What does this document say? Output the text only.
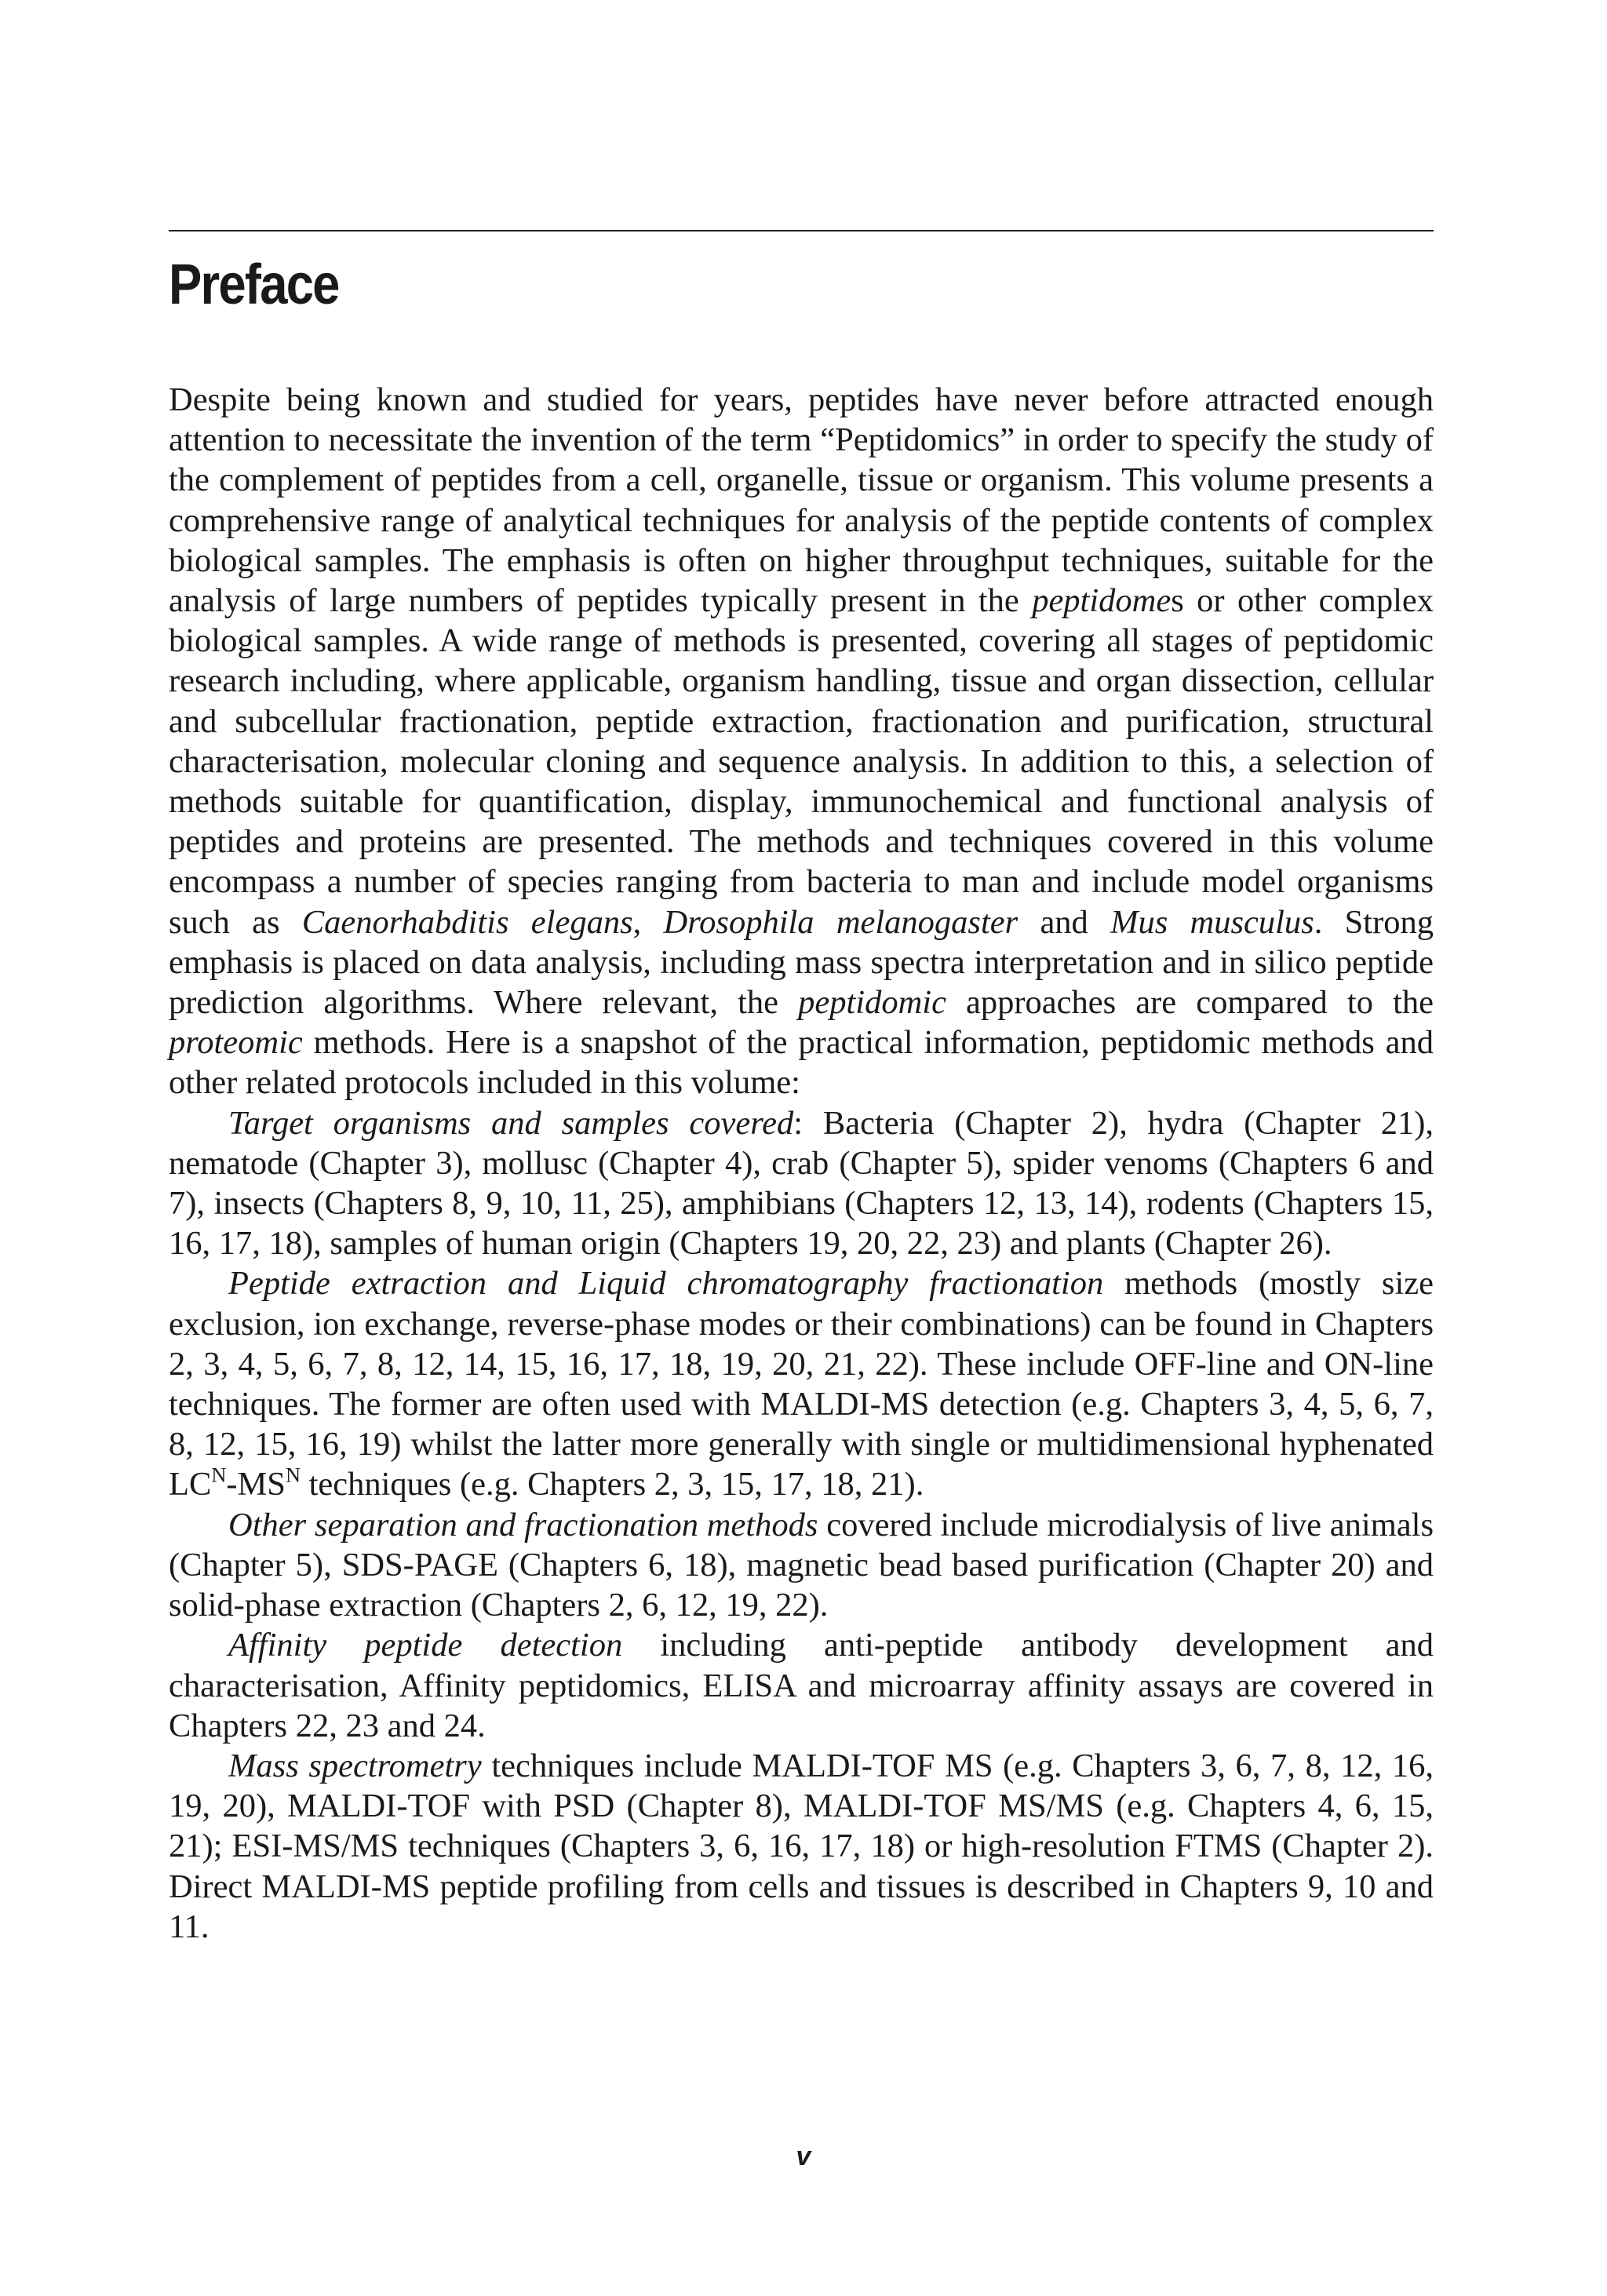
Preface

Despite being known and studied for years, peptides have never before attracted enough attention to necessitate the invention of the term “Peptidomics” in order to specify the study of the complement of peptides from a cell, organelle, tissue or organism. This volume presents a comprehensive range of analytical techniques for analysis of the peptide contents of complex biological samples. The emphasis is often on higher throughput techniques, suitable for the analysis of large numbers of peptides typically present in the peptidomes or other complex biological samples. A wide range of methods is presented, covering all stages of peptidomic research including, where applicable, organism handling, tissue and organ dissection, cellular and subcellular fractionation, peptide extraction, fractionation and purification, structural characterisation, molecular cloning and sequence analysis. In addition to this, a selection of methods suitable for quantification, display, immunochemical and functional analysis of peptides and proteins are presented. The methods and techniques covered in this volume encompass a number of species ranging from bacteria to man and include model organisms such as Caenorhabditis elegans, Drosophila melanogaster and Mus musculus. Strong emphasis is placed on data analysis, including mass spectra interpretation and in silico peptide prediction algorithms. Where relevant, the peptidomic approaches are compared to the proteomic methods. Here is a snapshot of the practical information, peptidomic methods and other related protocols included in this volume:

Target organisms and samples covered: Bacteria (Chapter 2), hydra (Chapter 21), nematode (Chapter 3), mollusc (Chapter 4), crab (Chapter 5), spider venoms (Chapters 6 and 7), insects (Chapters 8, 9, 10, 11, 25), amphibians (Chapters 12, 13, 14), rodents (Chapters 15, 16, 17, 18), samples of human origin (Chapters 19, 20, 22, 23) and plants (Chapter 26).

Peptide extraction and Liquid chromatography fractionation methods (mostly size exclusion, ion exchange, reverse-phase modes or their combinations) can be found in Chapters 2, 3, 4, 5, 6, 7, 8, 12, 14, 15, 16, 17, 18, 19, 20, 21, 22). These include OFF-line and ON-line techniques. The former are often used with MALDI-MS detection (e.g. Chapters 3, 4, 5, 6, 7, 8, 12, 15, 16, 19) whilst the latter more generally with single or multidimensional hyphenated $LC^N-MS^N$ techniques (e.g. Chapters 2, 3, 15, 17, 18, 21).

Other separation and fractionation methods covered include microdialysis of live animals (Chapter 5), SDS-PAGE (Chapters 6, 18), magnetic bead based purification (Chapter 20) and solid-phase extraction (Chapters 2, 6, 12, 19, 22).

Affinity peptide detection including anti-peptide antibody development and characterisation, Affinity peptidomics, ELISA and microarray affinity assays are covered in Chapters 22, 23 and 24.

Mass spectrometry techniques include MALDI-TOF MS (e.g. Chapters 3, 6, 7, 8, 12, 16, 19, 20), MALDI-TOF with PSD (Chapter 8), MALDI-TOF MS/MS (e.g. Chapters 4, 6, 15, 21); ESI-MS/MS techniques (Chapters 3, 6, 16, 17, 18) or high-resolution FTMS (Chapter 2). Direct MALDI-MS peptide profiling from cells and tissues is described in Chapters 9, 10 and 11.

v
